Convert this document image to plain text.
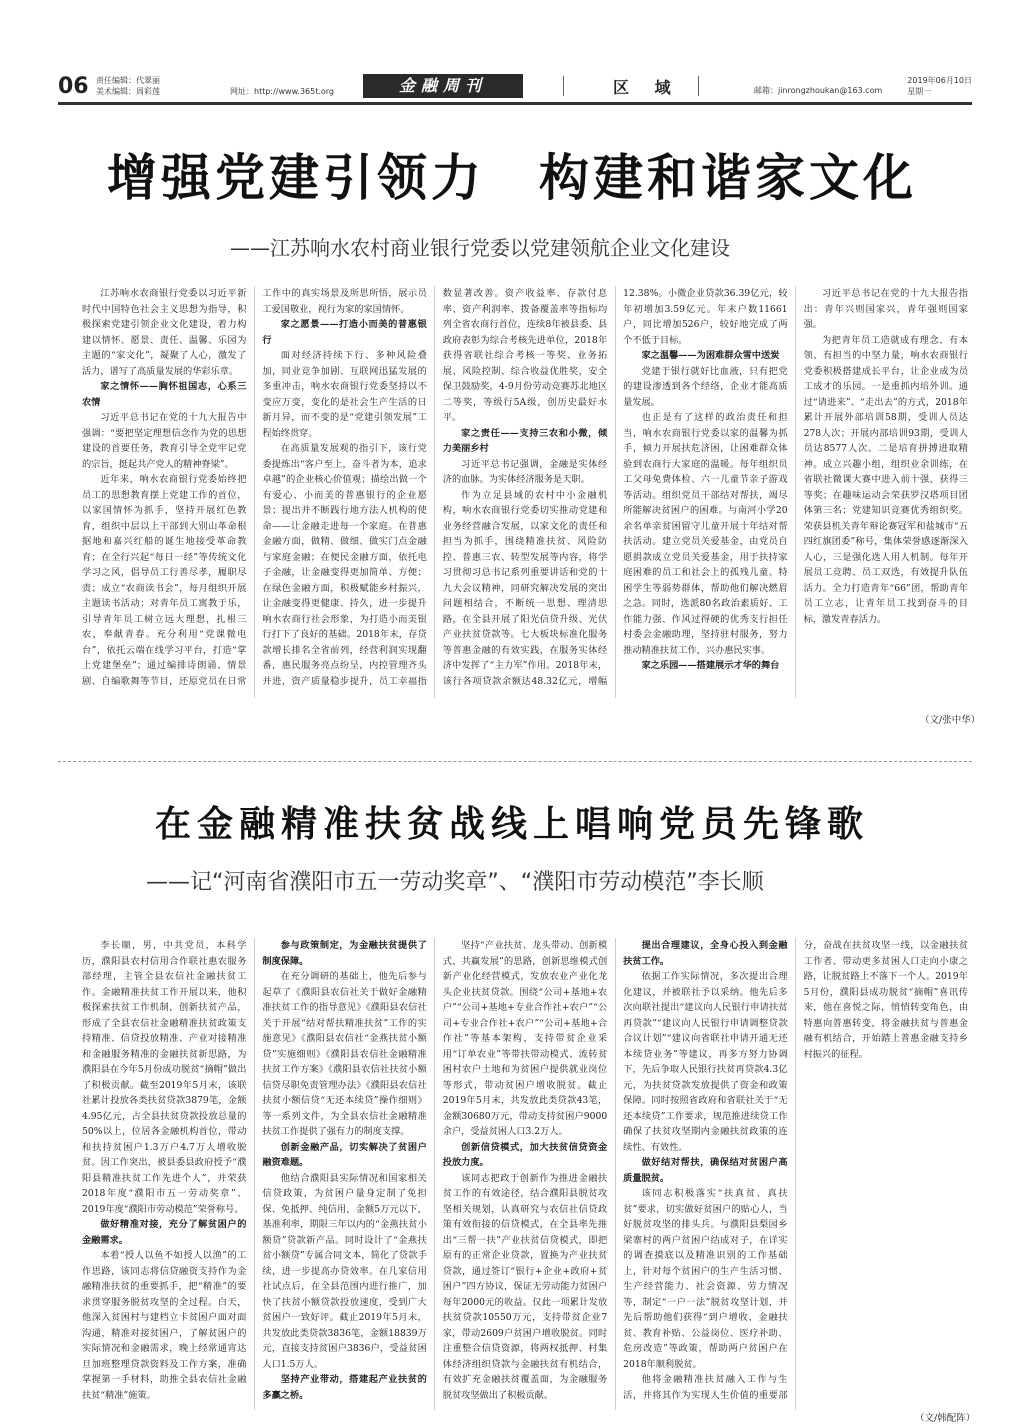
06 责任编辑：代翠丽
美术编辑：周彩莲	网址：http://www.365t.org	金融周刊	区 域	邮箱：jinrongzhoukan@163.com
2019年06月10日
星期一
增强党建引领力　构建和谐家文化
——江苏响水农村商业银行党委以党建领航企业文化建设

江苏响水农商银行党委以习近平新时代中国特色社会主义思想为指导，积极探索党建引领企业文化建设，着力构建以情怀、愿景、责任、温馨、乐园为主题的“家文化”，凝聚了人心，激发了活力，谱写了高质量发展的华彩乐章。

家之情怀——胸怀祖国志，心系三农情

习近平总书记在党的十九大报告中强调：“要把坚定理想信念作为党的思想建设的首要任务，教育引导全党牢记党的宗旨，挺起共产党人的精神脊梁”。

近年来，响水农商银行党委始终把员工的思想教育摆上党建工作的首位，以家国情怀为抓手，坚持开展红色教育，组织中层以上干部到大别山革命根据地和嘉兴红船的诞生地接受革命教育；在全行兴起“每日一经”等传统文化学习之风，倡导员工行善尽孝，履职尽责；成立“农商读书会”，每月组织开展主题读书活动；对青年员工寓教于乐，引导青年员工树立远大理想，扎根三农，奉献青春。充分利用“党课微电台”，依托云端在线学习平台，打造“掌上党建堡垒”；通过编排诗朗诵、情景剧、自编歌舞等节目，还原党员在日常工作中的真实场景及所思所悟，展示员工爱国敬业，视行为家的家国情怀。

家之愿景——打造小而美的普惠银行

面对经济持续下行、多种风险叠加，同业竞争加剧、互联网迅猛发展的多重冲击，响水农商银行党委坚持以不变应万变，变化的是社会生产生活的日新月异，而不变的是“党建引领发展”工程始终贯穿。

在高质量发展观的指引下，该行党委提炼出“客户至上，奋斗者为本，追求卓越”的企业核心价值观；描绘出做一个有爱心、小而美的普惠银行的企业愿景；提出并不断践行地方法人机构的使命——让金融走进每一个家庭。在普惠金融方面，做精、做细、做实门点金融与家庭金融；在便民金融方面，依托电子金融，让金融变得更加简单、方便；在绿色金融方面，积极赋能乡村振兴，让金融变得更健康、持久，进一步提升响水农商行社会形象，为打造小而美银行打下了良好的基础。2018年末，存贷款增长排名全省前列，经营利润实现翻番，惠民服务亮点纷呈，内控管理齐头并进，资产质量稳步提升，员工幸福指数显著改善。资产收益率、存款付息率、资产利润率、拨备覆盖率等指标均列全省农商行首位，连续8年被县委、县政府表彰为综合考核先进单位，2018年获得省联社综合考核一等奖、业务拓展、风险控制、综合收益优胜奖，安全保卫鼓励奖，4-9月份劳动竞赛苏北地区二等奖，等级行5A级，创历史最好水平。

家之责任——支持三农和小微，倾力美丽乡村

习近平总书记强调，金融是实体经济的血脉。为实体经济服务是天职。

作为立足县域的农村中小金融机构，响水农商银行党委切实推动党建和业务经营融合发展，以家文化的责任和担当为抓手，围绕精准扶贫、风险防控、普惠三农、转型发展等内容，将学习贯彻习总书记系列重要讲话和党的十九大会议精神，同研究解决发展的突出问题相结合，不断统一思想、理清思路，在全县开展了阳光信贷升级、光伏产业扶贫贷款等。七大板块标准化服务等普惠金融的有效实践，在服务实体经济中发挥了“主力军”作用。2018年末，该行各项贷款余额达48.32亿元，增幅12.38%。小微企业贷款36.39亿元，较年初增加3.59亿元。年末户数11661户，同比增加526户，较好地完成了两个不低于目标。

家之温馨——为困难群众雪中送炭

党建于银行就好比血液，只有把党的建设渗透到各个经络，企业才能高质量发展。

也正是有了这样的政治责任和担当，响水农商银行党委以家的温馨为抓手，倾力开展扶危济困，让困难群众体验到农商行大家庭的温暖。每年组织员工父母免费体检、六一儿童节亲子游戏等活动。组织党员干部结对帮扶，竭尽所能解决贫困户的困难。与南河小学20余名单亲贫困留守儿童开展十年结对帮扶活动。建立党员关爱基金，由党员自愿捐款成立党员关爱基金，用于扶持家庭困难的员工和社会上的孤残儿童、特困学生等弱势群体，帮助他们解决燃眉之急。同时，选派80名政治素质好、工作能力强、作风过得硬的优秀支行担任村委会金融助理，坚持驻村服务，努力推动精准扶贫工作，兴办惠民实事。

家之乐园——搭建展示才华的舞台

习近平总书记在党的十九大报告指出：青年兴则国家兴，青年强则国家强。

为把青年员工造就成有理念、有本领、有担当的中坚力量，响水农商银行党委积极搭建成长平台，让企业成为员工成才的乐园。一是重抓内培外训。通过“请进来”、“走出去”的方式，2018年累计开展外部培训58期，受训人员达278人次；开展内部培训93期，受训人员达8577人次。二是培育拼搏进取精神。成立兴趣小组，组织业余训练，在省联社微课大赛中进入前十强，获得三等奖；在趣味运动会荣获罗汉塔项目团体第三名；党建知识竞赛优秀组织奖。荣获县机关青年辩论赛冠军和盐城市“五四红旗团委”称号，集体荣誉感逐渐深入人心，三是强化选人用人机制。每年开展员工竞聘、员工双选，有效提升队伍活力。全力打造青年“66”团，帮助青年员工立志，让青年员工找到奋斗的目标，激发青春活力。

（文/张中华）
在金融精准扶贫战线上唱响党员先锋歌
——记“河南省濮阳市五一劳动奖章”、“濮阳市劳动模范”李长顺

李长顺，男，中共党员，本科学历，濮阳县农村信用合作联社惠农服务部经理，主管全县农信社金融扶贫工作。金融精准扶贫工作开展以来，他积极探索扶贫工作机制，创新扶贫产品，形成了全县农信社金融精准扶贫政策支持精准、信贷投放精准、产业对接精准和金融服务精准的金融扶贫新思路，为濮阳县在今年5月份成功脱贫“摘帽”做出了积极贡献。截至2019年5月末，该联社累计投放各类扶贫贷款3879笔，金额4.95亿元，占全县扶贫贷款投放总量的50%以上，位居各金融机构首位，带动和扶持贫困户1.3万户4.7万人增收脱贫。因工作突出，被县委县政府授予“濮阳县精准扶贫工作先进个人”，并荣获2018年度“濮阳市五一劳动奖章”、2019年度“濮阳市劳动模范”荣誉称号。

做好精准对接，充分了解贫困户的金融需求。

本着“授人以鱼不如授人以渔”的工作思路，该同志将信贷融资支持作为金融精准扶贫的重要抓手，把“精准”的要求贯穿服务脱贫攻坚的全过程。白天，他深入贫困村与建档立卡贫困户面对面沟通，精准对接贫困户，了解贫困户的实际情况和金融需求，晚上经常通宵达旦加班整理贷款资料及工作方案，准确掌握第一手材料，助推全县农信社金融扶贫“精准”施策。

参与政策制定，为金融扶贫提供了制度保障。

在充分调研的基础上，他先后参与起草了《濮阳县农信社关于做好金融精准扶贫工作的指导意见》《濮阳县农信社关于开展“结对帮扶精准扶贫”工作的实施意见》《濮阳县农信社“金燕扶贫小额贷”实施细则》《濮阳县农信社金融精准扶贫工作方案》《濮阳县农信社扶贫小额信贷尽职免责管理办法》《濮阳县农信社扶贫小额信贷“无还本续贷”操作细则》等一系列文件，为全县农信社金融精准扶贫工作提供了强有力的制度支撑。

创新金融产品，切实解决了贫困户融资难题。

他结合濮阳县实际情况和国家相关信贷政策，为贫困户量身定制了免担保、免抵押、纯信用，金额5万元以下，基准利率，期限三年以内的“金燕扶贫小额贷”贷款新产品。同时设计了“金燕扶贫小额贷”专属合同文本，简化了贷款手续，进一步提高办贷效率。在几家信用社试点后，在全县范围内进行推广，加快了扶贫小额贷款投放速度，受到广大贫困户一致好评。截止2019年5月末，共发放此类贷款3836笔，金额18839万元，直接支持贫困户3836户，受益贫困人口1.5万人。

坚持产业带动，搭建起产业扶贫的多赢之桥。

坚持“产业扶贫、龙头带动、创新模式、共赢发展”的思路，创新思维模式创新产业化经营模式，发放农业产业化龙头企业扶贫贷款。围绕“公司+基地+农户”“公司+基地+专业合作社+农户”“公司+专业合作社+农户”“公司+基地+合作社”等基本架构，支持带贫企业采用“订单农业”等带扶带动模式、流转贫困村农户土地和为贫困户提供就业岗位等形式，带动贫困户增收脱贫。截止2019年5月末，共发放此类贷款43笔，金额30680万元，带动支持贫困户9000余户，受益贫困人口3.2万人。

创新信贷模式，加大扶贫信贷资金投放力度。

该同志把政于创新作为推进金融扶贫工作的有效途径，结合濮阳县脱贫攻坚相关规划，认真研究与农信社信贷政策有效衔接的信贷模式，在全县率先推出“三帮一扶”产业扶贫信贷模式，即把原有的正常企业贷款，置换为产业扶贫贷款，通过签订“银行+企业+政府+贫困户”四方协议，保证无劳动能力贫困户每年2000元的收益。仅此一项累计发放扶贫贷款10550万元，支持带贫企业7家，带动2609户贫困户增收脱贫。同时注重整合信贷资源，将两权抵押、村集体经济组织贷款与金融扶贫有机结合，有效扩充金融扶贫覆盖面，为金融服务脱贫攻坚做出了积极贡献。

提出合理建议，全身心投入到金融扶贫工作。

依据工作实际情况，多次提出合理化建议，并被联社予以采纳。他先后多次向联社提出“建议向人民银行申请扶贫再贷款”“建议向人民银行申请调整贷款合议计划”“建议向省联社申请开通无还本续贷业务”等建议，再多方努力协调下，先后争取人民银行扶贫再贷款4.3亿元，为扶贫贷款发放提供了资金和政策保障。同时按照省政府和省联社关于“无还本续贷”工作要求，规范推进续贷工作确保了扶贫攻坚期内金融扶贫政策的连续性、有效性。

做好结对帮扶，确保结对贫困户高质量脱贫。

该同志积极落实“扶真贫、真扶贫”要求，切实做好贫困户的贴心人，当好脱贫攻坚的排头兵。与濮阳县梨园乡梁寨村的两户贫困户结成对子，在详实的调查摸底以及精准识别的工作基础上，针对每个贫困户的生产生活习惯、生产经营能力、社会资源、劳力情况等，制定“一户一法”脱贫攻坚计划，并先后帮助他们获得“到户增收、金融扶贫、教育补贴、公益岗位、医疗补助、危房改造”等政策，帮助两户贫困户在2018年顺利脱贫。

他将金融精准扶贫融入工作与生活，并将其作为实现人生价值的重要部分，奋战在扶贫攻坚一线，以金融扶贫工作者、带动更多贫困人口走向小康之路，让脱贫路上不落下一个人。2019年5月份，濮阳县成功脱贫“摘帽”喜讯传来，他在喜悦之际，悄悄转变角色，由特惠向普惠转变，将金融扶贫与普惠金融有机结合，开始踏上普惠金融支持乡村振兴的征程。

（文/韩配阵）
